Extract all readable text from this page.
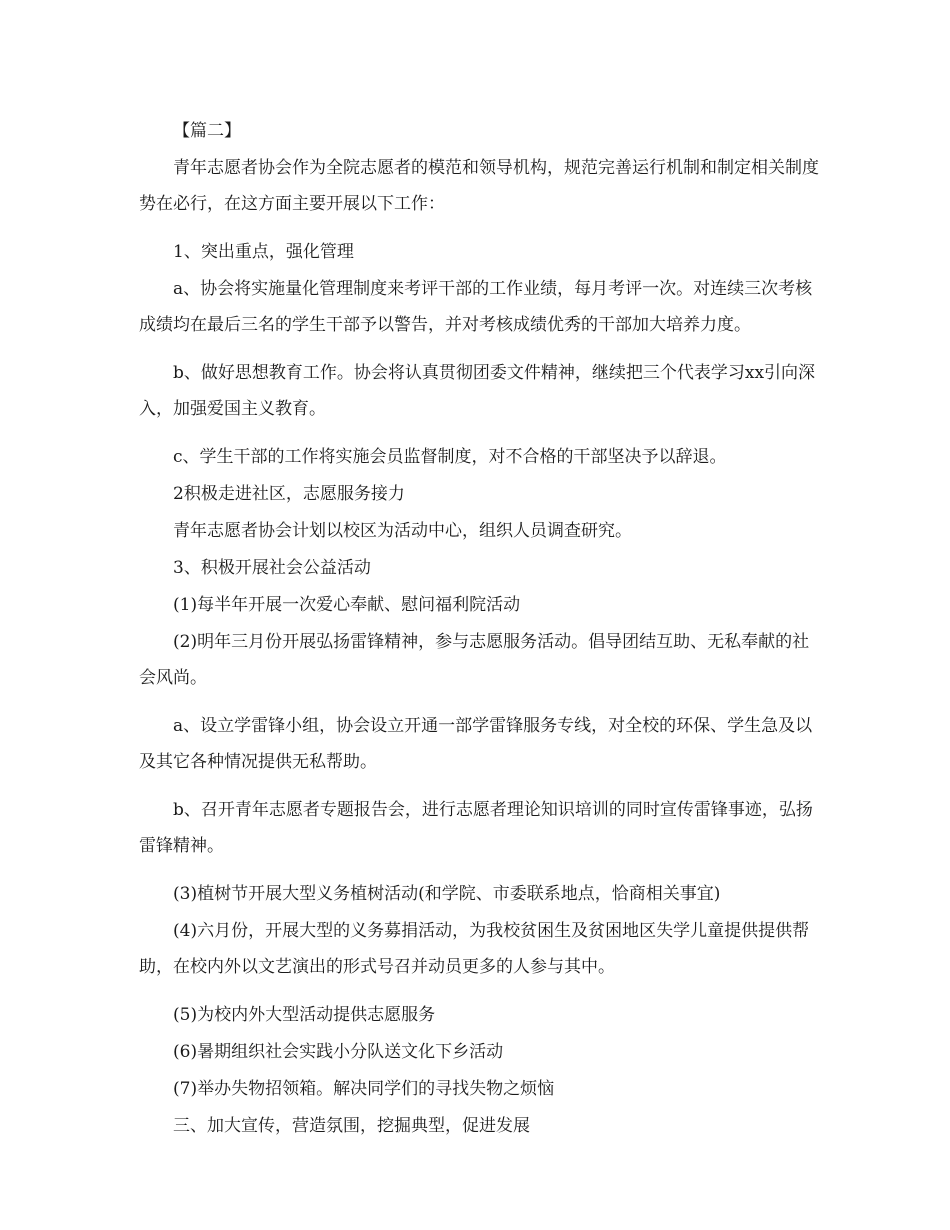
【篇二】

青年志愿者协会作为全院志愿者的模范和领导机构，规范完善运行机制和制定相关制度势在必行，在这方面主要开展以下工作：

1、突出重点，强化管理

a、协会将实施量化管理制度来考评干部的工作业绩，每月考评一次。对连续三次考核成绩均在最后三名的学生干部予以警告，并对考核成绩优秀的干部加大培养力度。

b、做好思想教育工作。协会将认真贯彻团委文件精神，继续把三个代表学习xx引向深入，加强爱国主义教育。

c、学生干部的工作将实施会员监督制度，对不合格的干部坚决予以辞退。

2积极走进社区，志愿服务接力

青年志愿者协会计划以校区为活动中心，组织人员调查研究。

3、积极开展社会公益活动

(1)每半年开展一次爱心奉献、慰问福利院活动

(2)明年三月份开展弘扬雷锋精神，参与志愿服务活动。倡导团结互助、无私奉献的社会风尚。

a、设立学雷锋小组，协会设立开通一部学雷锋服务专线，对全校的环保、学生急及以及其它各种情况提供无私帮助。

b、召开青年志愿者专题报告会，进行志愿者理论知识培训的同时宣传雷锋事迹，弘扬雷锋精神。

(3)植树节开展大型义务植树活动(和学院、市委联系地点，恰商相关事宜)

(4)六月份，开展大型的义务募捐活动，为我校贫困生及贫困地区失学儿童提供提供帮助，在校内外以文艺演出的形式号召并动员更多的人参与其中。

(5)为校内外大型活动提供志愿服务

(6)暑期组织社会实践小分队送文化下乡活动

(7)举办失物招领箱。解决同学们的寻找失物之烦恼

三、加大宣传，营造氛围，挖掘典型，促进发展
